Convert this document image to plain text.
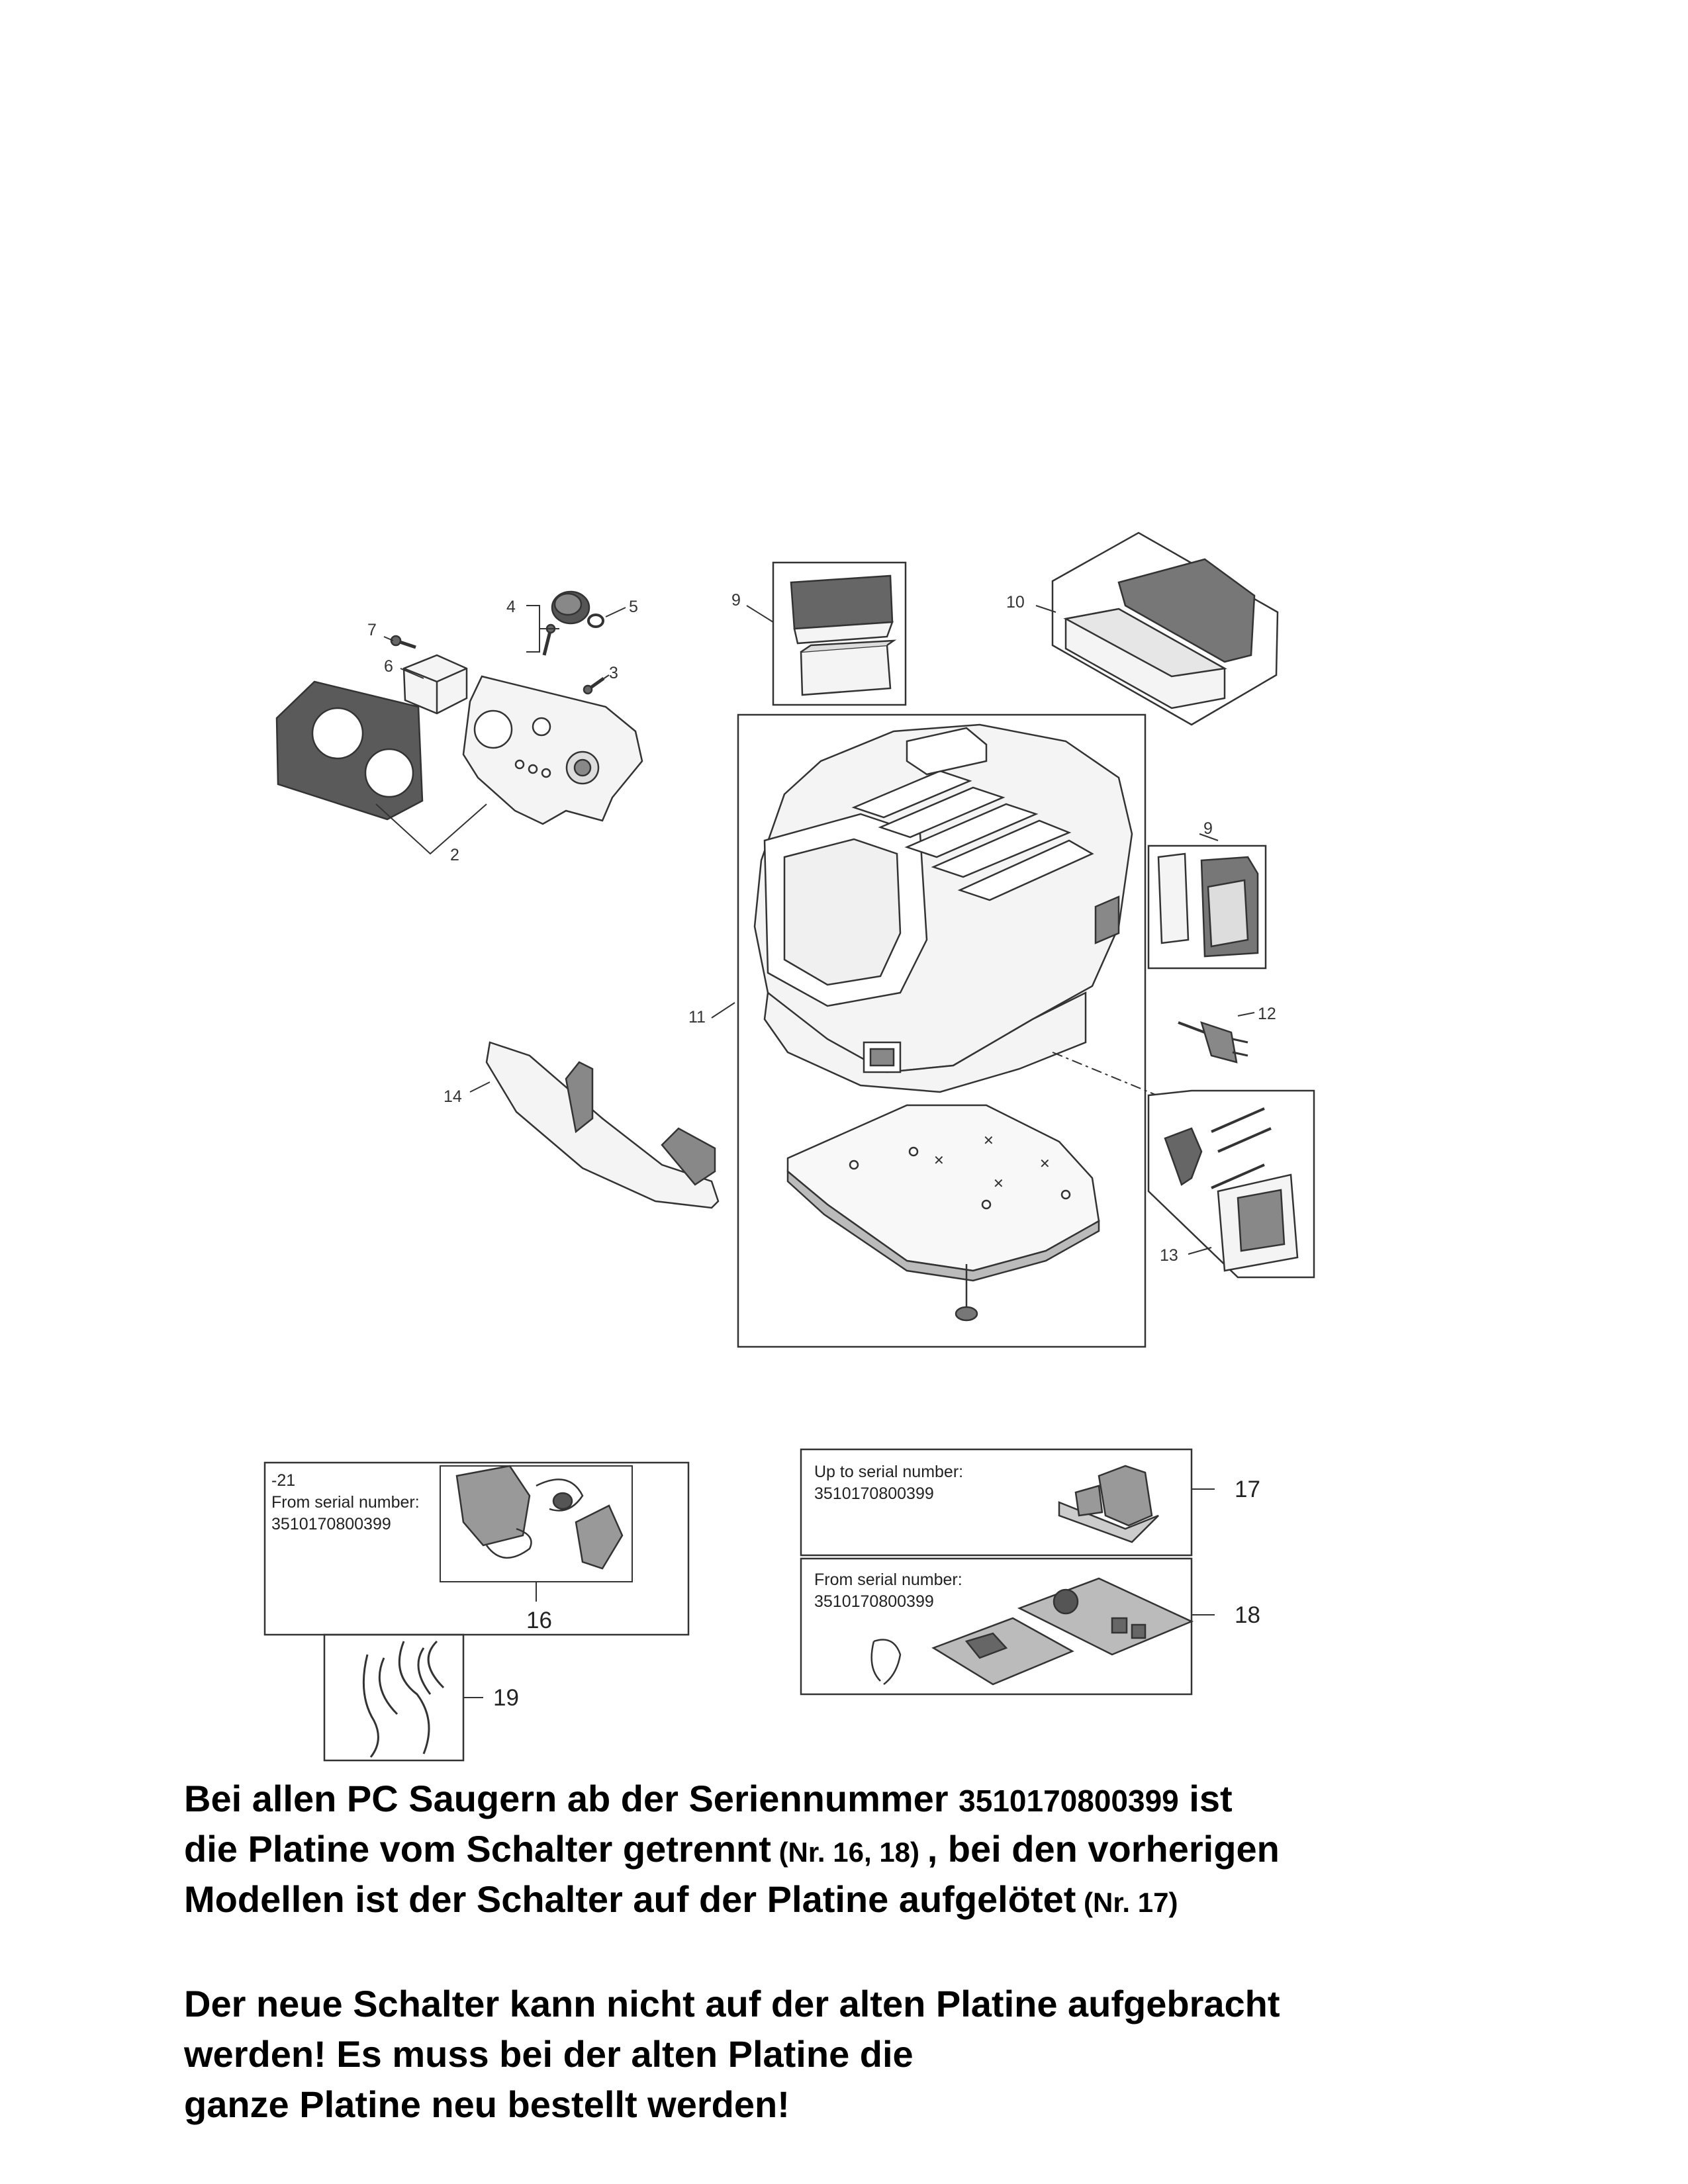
2
3
4	5
6
7
9	10
11
✕
✕
✕
✕
9
12
13
14
-21
From serial number:
3510170800399
16
19
Up to serial number:
3510170800399	17
From serial number:
3510170800399
18

Bei allen PC Saugern ab der Seriennummer 3510170800399 ist

die Platine vom Schalter getrennt (Nr. 16, 18) , bei den vorherigen

Modellen ist der Schalter auf der Platine aufgelötet (Nr. 17)

Der neue Schalter kann nicht auf der alten Platine aufgebracht

werden! Es muss bei der alten Platine die

ganze Platine neu bestellt werden!
